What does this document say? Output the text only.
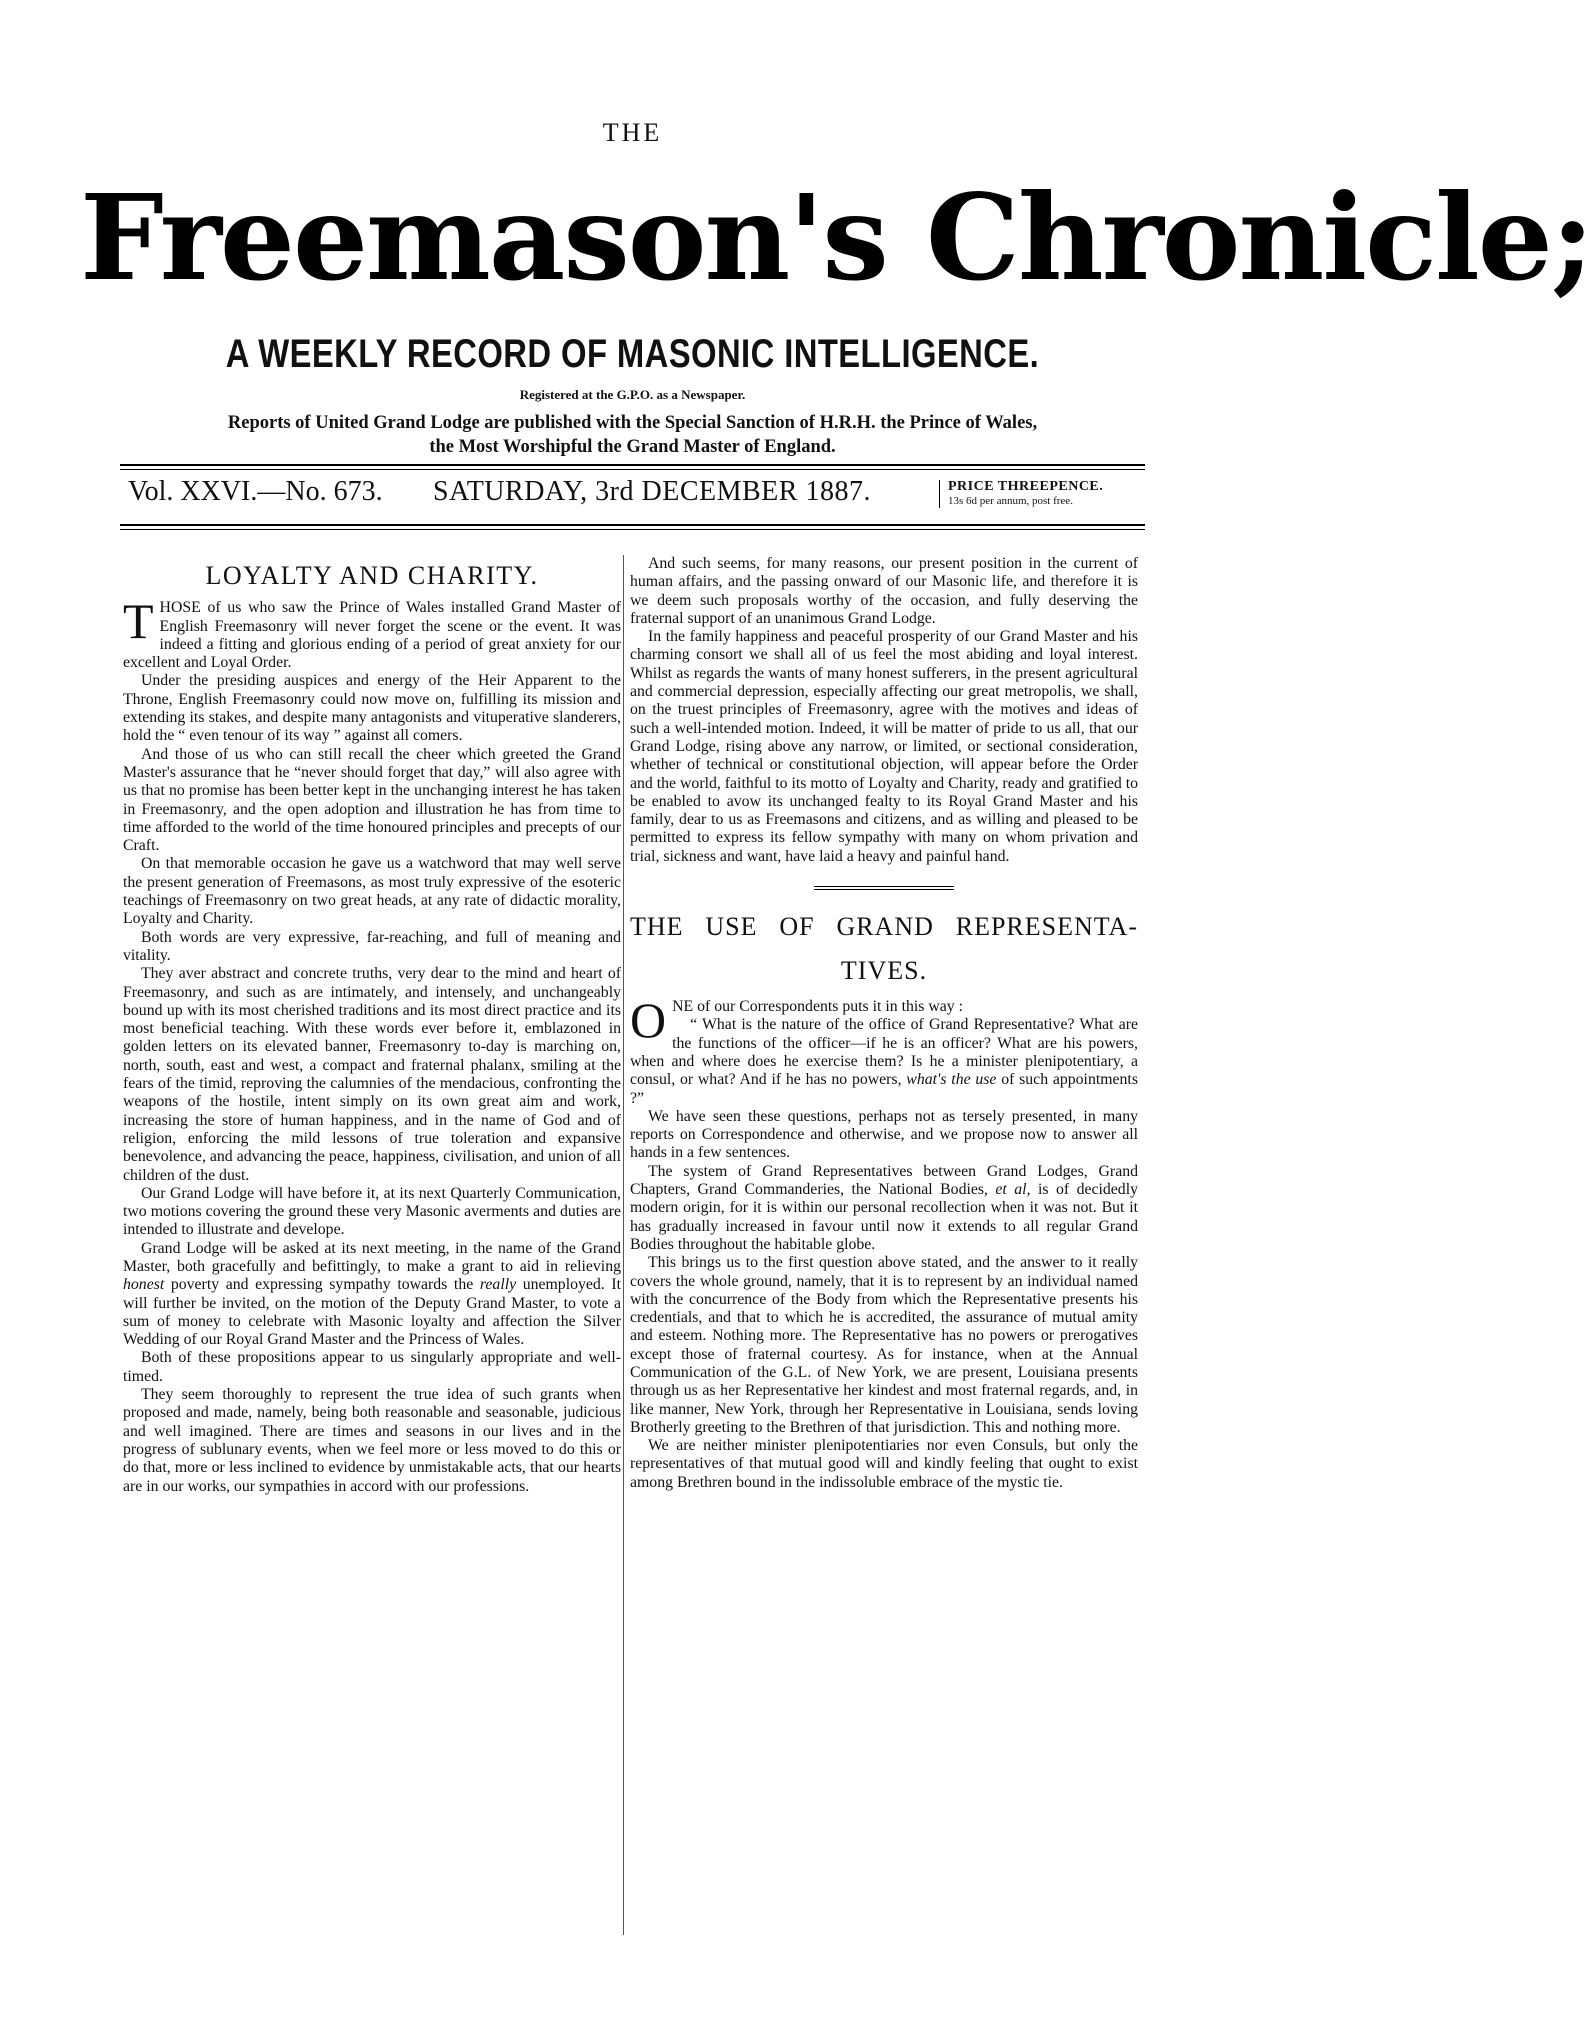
THE
Freemason's Chronicle;
A WEEKLY RECORD OF MASONIC INTELLIGENCE.
Registered at the G.P.O. as a Newspaper.
Reports of United Grand Lodge are published with the Special Sanction of H.R.H. the Prince of Wales,
the Most Worshipful the Grand Master of England.
Vol. XXVI.—No. 673. SATURDAY, 3rd DECEMBER 1887.	PRICE THREEPENCE.
13s 6d per annum, post free.
LOYALTY AND CHARITY.

THOSE of us who saw the Prince of Wales installed Grand Master of English Freemasonry will never forget the scene or the event. It was indeed a fitting and glorious ending of a period of great anxiety for our excellent and Loyal Order.

Under the presiding auspices and energy of the Heir Apparent to the Throne, English Freemasonry could now move on, fulfilling its mission and extending its stakes, and despite many antagonists and vituperative slanderers, hold the “ even tenour of its way ” against all comers.

And those of us who can still recall the cheer which greeted the Grand Master's assurance that he “never should forget that day,” will also agree with us that no promise has been better kept in the unchanging interest he has taken in Freemasonry, and the open adoption and illustration he has from time to time afforded to the world of the time honoured principles and precepts of our Craft.

On that memorable occasion he gave us a watchword that may well serve the present generation of Freemasons, as most truly expressive of the esoteric teachings of Freemasonry on two great heads, at any rate of didactic morality, Loyalty and Charity.

Both words are very expressive, far-reaching, and full of meaning and vitality.

They aver abstract and concrete truths, very dear to the mind and heart of Freemasonry, and such as are intimately, and intensely, and unchangeably bound up with its most cherished traditions and its most direct practice and its most beneficial teaching. With these words ever before it, emblazoned in golden letters on its elevated banner, Freemasonry to-day is marching on, north, south, east and west, a compact and fraternal phalanx, smiling at the fears of the timid, reproving the calumnies of the mendacious, confronting the weapons of the hostile, intent simply on its own great aim and work, increasing the store of human happiness, and in the name of God and of religion, enforcing the mild lessons of true toleration and expansive benevolence, and advancing the peace, happiness, civilisation, and union of all children of the dust.

Our Grand Lodge will have before it, at its next Quarterly Communication, two motions covering the ground these very Masonic averments and duties are intended to illustrate and develope.

Grand Lodge will be asked at its next meeting, in the name of the Grand Master, both gracefully and befittingly, to make a grant to aid in relieving honest poverty and expressing sympathy towards the really unemployed. It will further be invited, on the motion of the Deputy Grand Master, to vote a sum of money to celebrate with Masonic loyalty and affection the Silver Wedding of our Royal Grand Master and the Princess of Wales.

Both of these propositions appear to us singularly appropriate and well-timed.

They seem thoroughly to represent the true idea of such grants when proposed and made, namely, being both reasonable and seasonable, judicious and well imagined. There are times and seasons in our lives and in the progress of sublunary events, when we feel more or less moved to do this or do that, more or less inclined to evidence by unmistakable acts, that our hearts are in our works, our sympathies in accord with our professions.

And such seems, for many reasons, our present position in the current of human affairs, and the passing onward of our Masonic life, and therefore it is we deem such proposals worthy of the occasion, and fully deserving the fraternal support of an unanimous Grand Lodge.

In the family happiness and peaceful prosperity of our Grand Master and his charming consort we shall all of us feel the most abiding and loyal interest. Whilst as regards the wants of many honest sufferers, in the present agricultural and commercial depression, especially affecting our great metropolis, we shall, on the truest principles of Freemasonry, agree with the motives and ideas of such a well-intended motion. Indeed, it will be matter of pride to us all, that our Grand Lodge, rising above any narrow, or limited, or sectional consideration, whether of technical or constitutional objection, will appear before the Order and the world, faithful to its motto of Loyalty and Charity, ready and gratified to be enabled to avow its unchanged fealty to its Royal Grand Master and his family, dear to us as Freemasons and citizens, and as willing and pleased to be permitted to express its fellow sympathy with many on whom privation and trial, sickness and want, have laid a heavy and painful hand.

THE USE OF GRAND REPRESENTA-
TIVES.

ONE of our Correspondents puts it in this way :

“ What is the nature of the office of Grand Representative? What are the functions of the officer—if he is an officer? What are his powers, when and where does he exercise them? Is he a minister plenipotentiary, a consul, or what? And if he has no powers, what's the use of such appointments ?”

We have seen these questions, perhaps not as tersely presented, in many reports on Correspondence and otherwise, and we propose now to answer all hands in a few sentences.

The system of Grand Representatives between Grand Lodges, Grand Chapters, Grand Commanderies, the National Bodies, et al, is of decidedly modern origin, for it is within our personal recollection when it was not. But it has gradually increased in favour until now it extends to all regular Grand Bodies throughout the habitable globe.

This brings us to the first question above stated, and the answer to it really covers the whole ground, namely, that it is to represent by an individual named with the concurrence of the Body from which the Representative presents his credentials, and that to which he is accredited, the assurance of mutual amity and esteem. Nothing more. The Representative has no powers or prerogatives except those of fraternal courtesy. As for instance, when at the Annual Communication of the G.L. of New York, we are present, Louisiana presents through us as her Representative her kindest and most fraternal regards, and, in like manner, New York, through her Representative in Louisiana, sends loving Brotherly greeting to the Brethren of that jurisdiction. This and nothing more.

We are neither minister plenipotentiaries nor even Consuls, but only the representatives of that mutual good will and kindly feeling that ought to exist among Brethren bound in the indissoluble embrace of the mystic tie.
